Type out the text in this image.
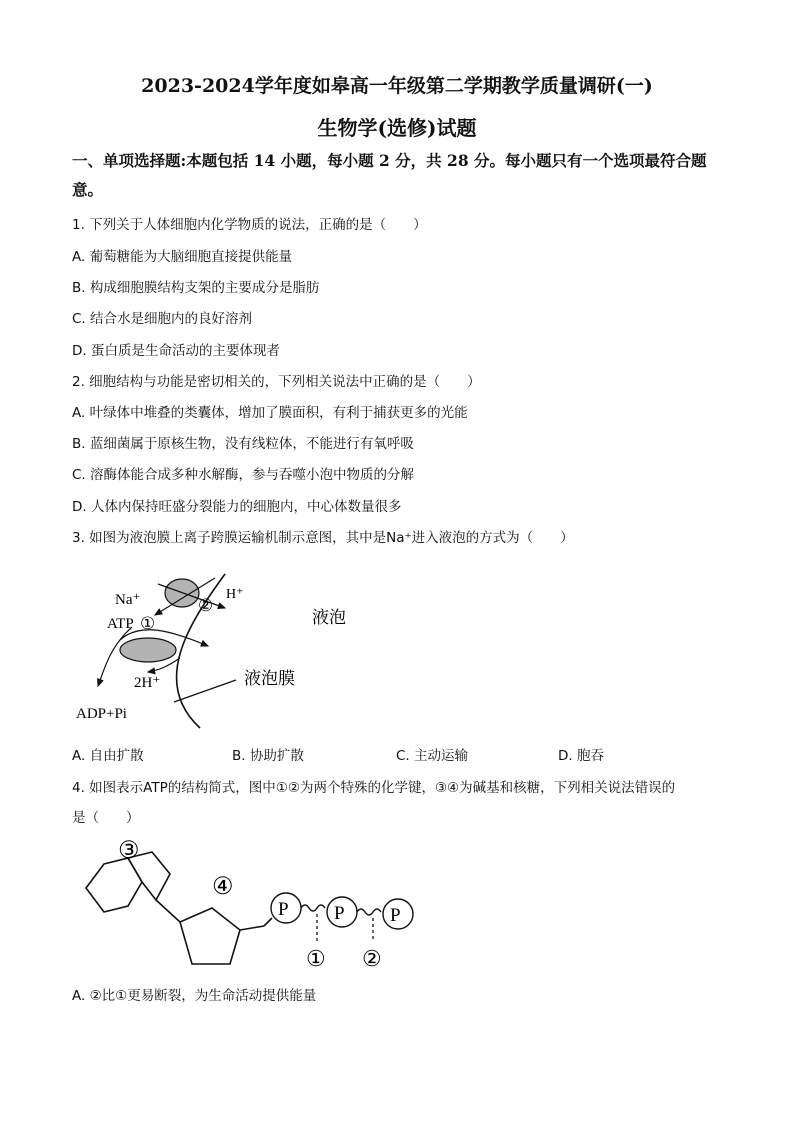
2023-2024学年度如皋高一年级第二学期教学质量调研(一)
生物学(选修)试题
一、单项选择题:本题包括 14 小题，每小题 2 分，共 28 分。每小题只有一个选项最符合题意。
1. 下列关于人体细胞内化学物质的说法，正确的是（　　）
A. 葡萄糖能为大脑细胞直接提供能量
B. 构成细胞膜结构支架的主要成分是脂肪
C. 结合水是细胞内的良好溶剂
D. 蛋白质是生命活动的主要体现者
2. 细胞结构与功能是密切相关的，下列相关说法中正确的是（　　）
A. 叶绿体中堆叠的类囊体，增加了膜面积，有利于捕获更多的光能
B. 蓝细菌属于原核生物，没有线粒体，不能进行有氧呼吸
C. 溶酶体能合成多种水解酶，参与吞噬小泡中物质的分解
D. 人体内保持旺盛分裂能力的细胞内，中心体数量很多
3. 如图为液泡膜上离子跨膜运输机制示意图，其中是Na⁺进入液泡的方式为（　　）
Na⁺	H⁺
ATP ①
②
2H⁺
ADP+Pi
液泡
液泡膜
A. 自由扩散	B. 协助扩散	C. 主动运输	D. 胞吞
4. 如图表示ATP的结构简式，图中①②为两个特殊的化学键，③④为碱基和核糖，下列相关说法错误的
是（　　）
③
④
P P P
① ②
A. ②比①更易断裂，为生命活动提供能量
